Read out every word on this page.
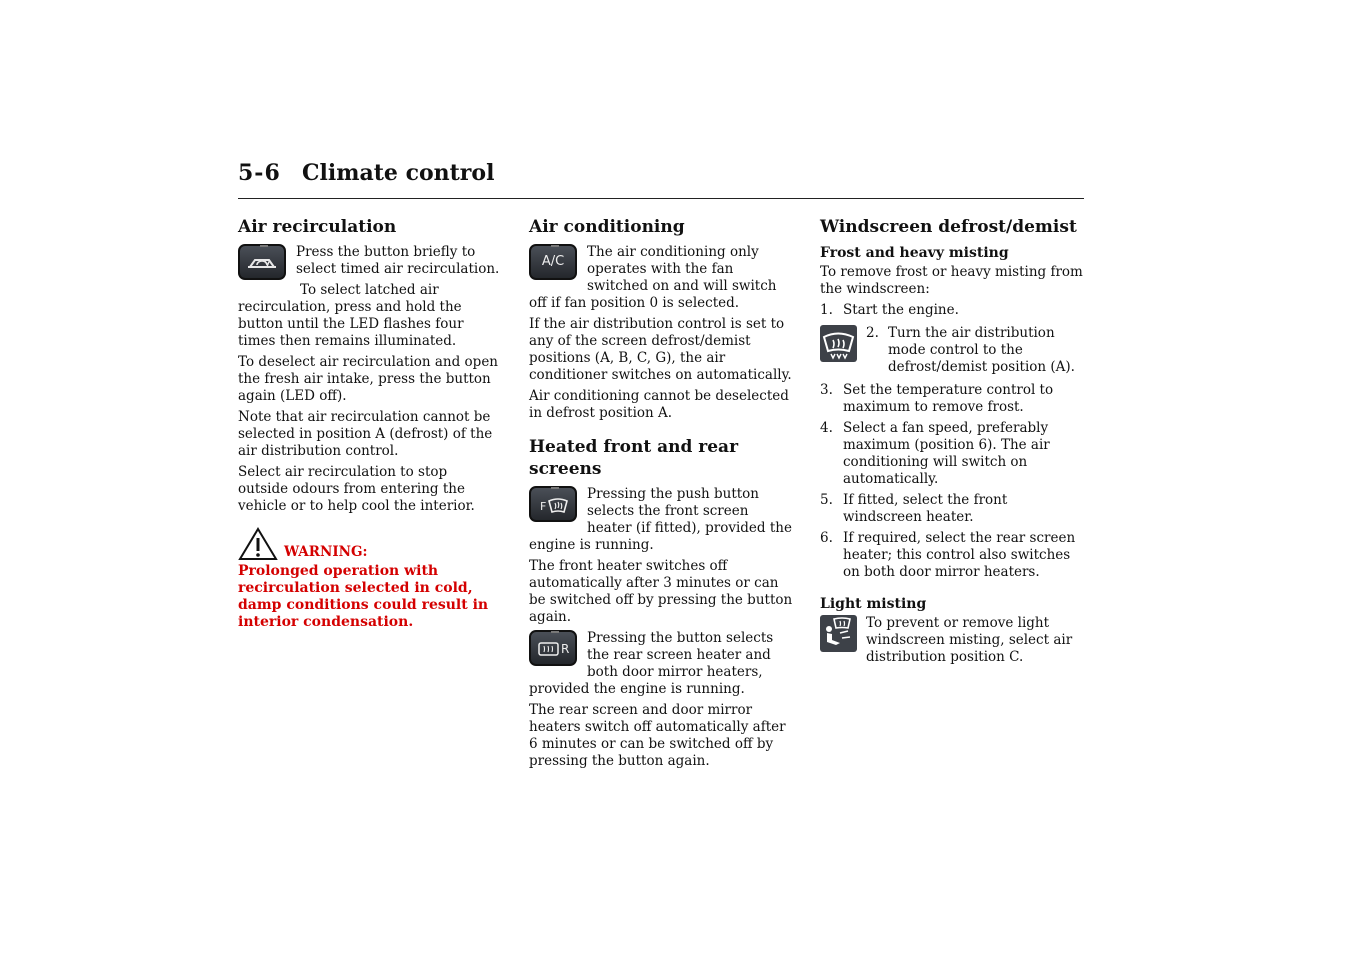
5-6 Climate control
Air recirculation

Press the button briefly to select timed air recirculation.

To select latched air recirculation, press and hold the button until the LED flashes four times then remains illuminated.

To deselect air recirculation and open the fresh air intake, press the button again (LED off).

Note that air recirculation cannot be selected in position A (defrost) of the air distribution control.

Select air recirculation to stop outside odours from entering the vehicle or to help cool the interior.

WARNING:
Prolonged operation with recirculation selected in cold, damp conditions could result in interior condensation.
Air conditioning
A/C

The air conditioning only operates with the fan switched on and will switch off if fan position 0 is selected.

If the air distribution control is set to any of the screen defrost/demist positions (A, B, C, G), the air conditioner switches on automatically.

Air conditioning cannot be deselected in defrost position A.

Heated front and rear screens
F

Pressing the push button selects the front screen heater (if fitted), provided the engine is running.

The front heater switches off automatically after 3 minutes or can be switched off by pressing the button again.

R

Pressing the button selects the rear screen heater and both door mirror heaters, provided the engine is running.

The rear screen and door mirror heaters switch off automatically after 6 minutes or can be switched off by pressing the button again.

Windscreen defrost/demist
Frost and heavy misting

To remove frost or heavy misting from the windscreen:

1. Start the engine.
2. Turn the air distribution mode control to the defrost/demist position (A).
3. Set the temperature control to maximum to remove frost.
4. Select a fan speed, preferably maximum (position 6). The air conditioning will switch on automatically.
5. If fitted, select the front windscreen heater.
6. If required, select the rear screen heater; this control also switches on both door mirror heaters.
Light misting

To prevent or remove light windscreen misting, select air distribution position C.
